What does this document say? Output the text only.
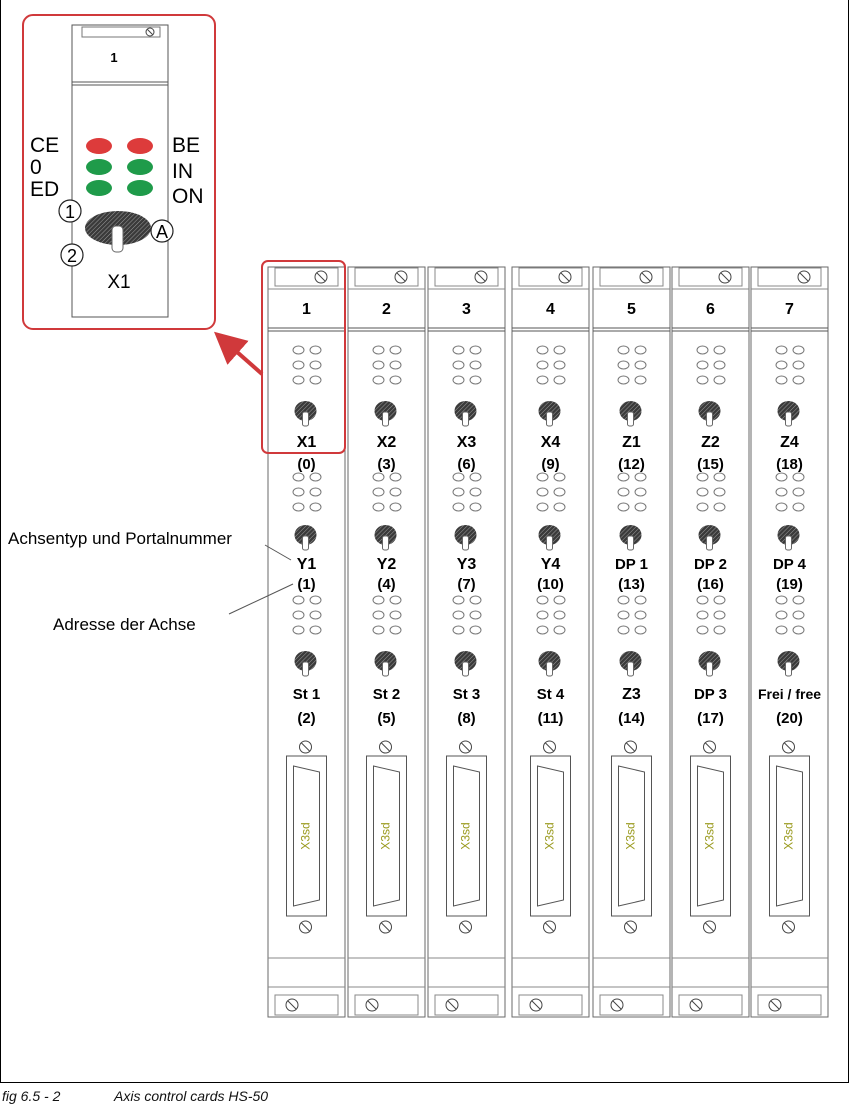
1
CE
0
ED
BE
IN
ON
1
2
A
X1
1
X1
(0)
Y1
(1)
St 1
(2)
X3sd
2
X2
(3)
Y2
(4)
St 2
(5)
X3sd
3
X3
(6)
Y3
(7)
St 3
(8)
X3sd
4
X4
(9)
Y4
(10)
St 4
(11)
X3sd
5
Z1
(12)
DP 1
(13)
Z3
(14)
X3sd
6
Z2
(15)
DP 2
(16)
DP 3
(17)
X3sd
7
Z4
(18)
DP 4
(19)
Frei / free
(20)
X3sd
Achsentyp und Portalnummer
Adresse der Achse
fig 6.5 - 2	Axis control cards HS-50
